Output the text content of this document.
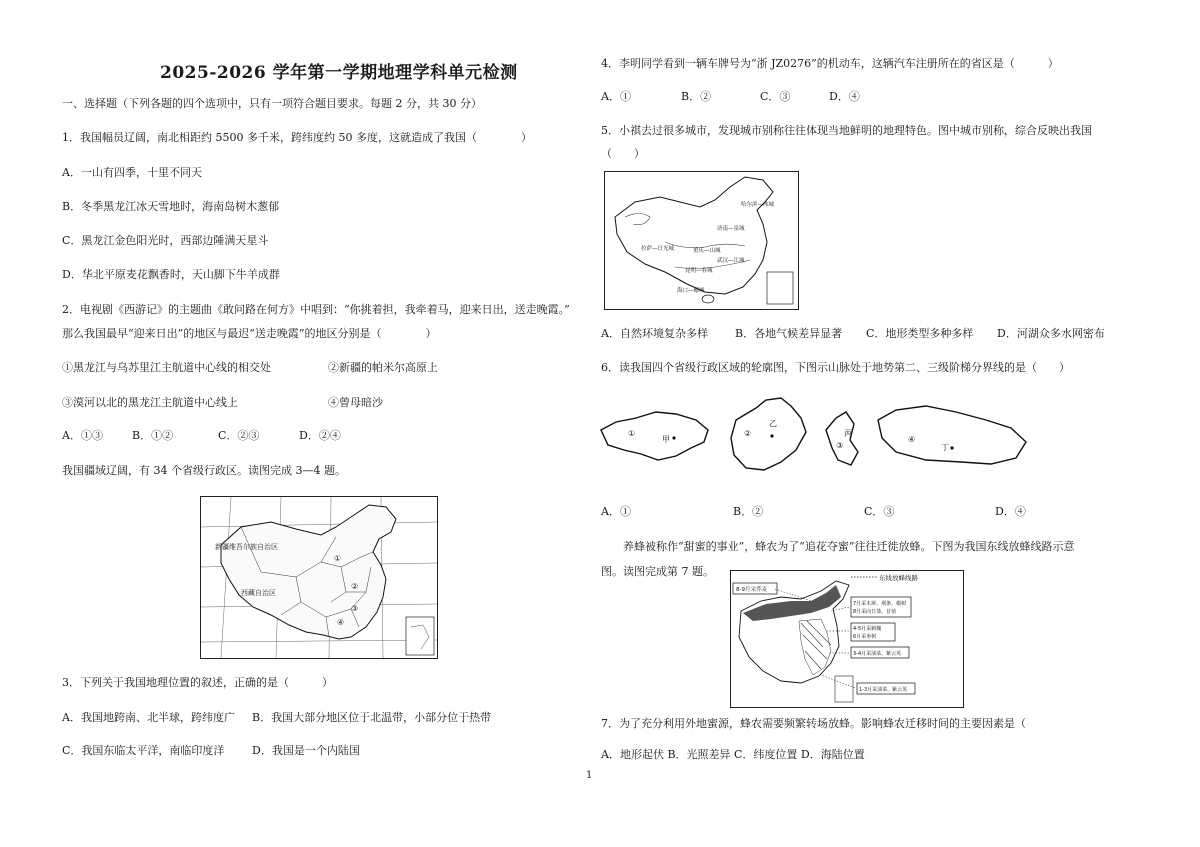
2025-2026 学年第一学期地理学科单元检测
一、选择题（下列各题的四个选项中，只有一项符合题目要求。每题 2 分，共 30 分）
1．我国幅员辽阔，南北相距约 5500 多千米，跨纬度约 50 多度，这就造成了我国（　　　　）
A．一山有四季，十里不同天
B．冬季黑龙江冰天雪地时，海南岛树木葱郁
C．黑龙江金色阳光时，西部边陲满天星斗
D．华北平原麦花飘香时，天山脚下牛羊成群
2．电视剧《西游记》的主题曲《敢问路在何方》中唱到：“你挑着担，我牵着马，迎来日出，送走晚霞。”
那么我国最早“迎来日出”的地区与最迟“送走晚霞”的地区分别是（　　　　）
①黑龙江与乌苏里江主航道中心线的相交处	②新疆的帕米尔高原上
③漠河以北的黑龙江主航道中心线上	④曾母暗沙
A．①③	B．①②	C．②③	D．②④
我国疆域辽阔，有 34 个省级行政区。读图完成 3—4 题。
新疆维吾尔族自治区
西藏自治区
①
②
③
④
3．下列关于我国地理位置的叙述，正确的是（　　　）
A．我国地跨南、北半球，跨纬度广 B．我国大部分地区位于北温带，小部分位于热带
C．我国东临太平洋，南临印度洋	D．我国是一个内陆国
4．李明同学看到一辆车牌号为“浙 JZ0276”的机动车，这辆汽车注册所在的省区是（　　　）
A．①	B．②	C．③	D．④
5．小祺去过很多城市，发现城市别称往往体现当地鲜明的地理特色。图中城市别称，综合反映出我国
（　　）
哈尔滨—冰城
济南—泉城
拉萨—日光城	重庆—山城
武汉—江城
昆明—春城
海口—椰城
A．自然环境复杂多样 B．各地气候差异显著 C．地形类型多种多样 D．河湖众多水网密布
6．读我国四个省级行政区域的轮廓图，下图示山脉处于地势第二、三级阶梯分界线的是（　　）
①
甲
②
乙
③
丙
④
丁
A．①	B．②	C．③	D．④
养蜂被称作“甜蜜的事业”，蜂农为了“追花夺蜜”往往迁徙放蜂。下图为我国东线放蜂线路示意
图。读图完成第 7 题。	东线放蜂线路
8-9月采荞麦
7月采木犀、荆条、椴树
8月采向日葵、苜蓿
4-5月采刺槐
6月采枣树
3-4月采油菜、紫云英
1-3月采油菜、紫云英
7．为了充分利用外地蜜源，蜂农需要频繁转场放蜂。影响蜂农迁移时间的主要因素是（
A．地形起伏 B．光照差异 C．纬度位置 D．海陆位置
1
